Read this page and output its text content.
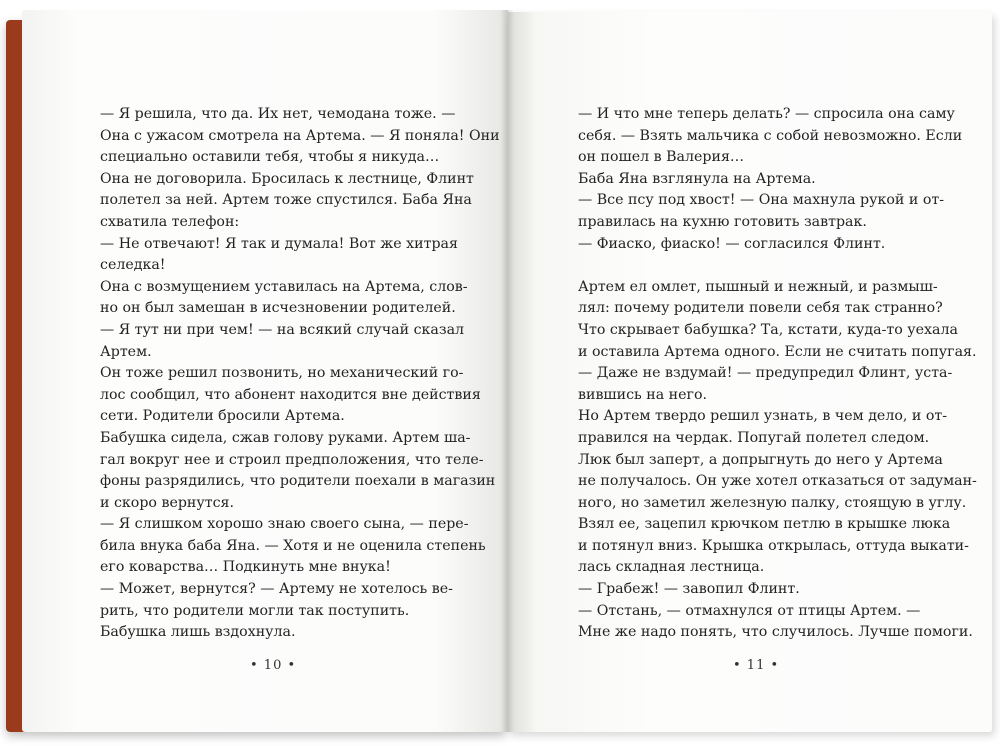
— Я решила, что да. Их нет, чемодана тоже. —

Она с ужасом смотрела на Артема. — Я поняла! Они

специально оставили тебя, чтобы я никуда…

Она не договорила. Бросилась к лестнице, Флинт

полетел за ней. Артем тоже спустился. Баба Яна

схватила телефон:

— Не отвечают! Я так и думала! Вот же хитрая

селедка!

Она с возмущением уставилась на Артема, слов-

но он был замешан в исчезновении родителей.

— Я тут ни при чем! — на всякий случай сказал

Артем.

Он тоже решил позвонить, но механический го-

лос сообщил, что абонент находится вне действия

сети. Родители бросили Артема.

Бабушка сидела, сжав голову руками. Артем ша-

гал вокруг нее и строил предположения, что теле-

фоны разрядились, что родители поехали в магазин

и скоро вернутся.

— Я слишком хорошо знаю своего сына, — пере-

била внука баба Яна. — Хотя и не оценила степень

его коварства… Подкинуть мне внука!

— Может, вернутся? — Артему не хотелось ве-

рить, что родители могли так поступить.

Бабушка лишь вздохнула.

• 10 •

— И что мне теперь делать? — спросила она саму

себя. — Взять мальчика с собой невозможно. Если

он пошел в Валерия…

Баба Яна взглянула на Артема.

— Все псу под хвост! — Она махнула рукой и от-

правилась на кухню готовить завтрак.

— Фиаско, фиаско! — согласился Флинт.

Артем ел омлет, пышный и нежный, и размыш-

лял: почему родители повели себя так странно?

Что скрывает бабушка? Та, кстати, куда-то уехала

и оставила Артема одного. Если не считать попугая.

— Даже не вздумай! — предупредил Флинт, уста-

вившись на него.

Но Артем твердо решил узнать, в чем дело, и от-

правился на чердак. Попугай полетел следом.

Люк был заперт, а допрыгнуть до него у Артема

не получалось. Он уже хотел отказаться от задуман-

ного, но заметил железную палку, стоящую в углу.

Взял ее, зацепил крючком петлю в крышке люка

и потянул вниз. Крышка открылась, оттуда выкати-

лась складная лестница.

— Грабеж! — завопил Флинт.

— Отстань, — отмахнулся от птицы Артем. —

Мне же надо понять, что случилось. Лучше помоги.

• 11 •
